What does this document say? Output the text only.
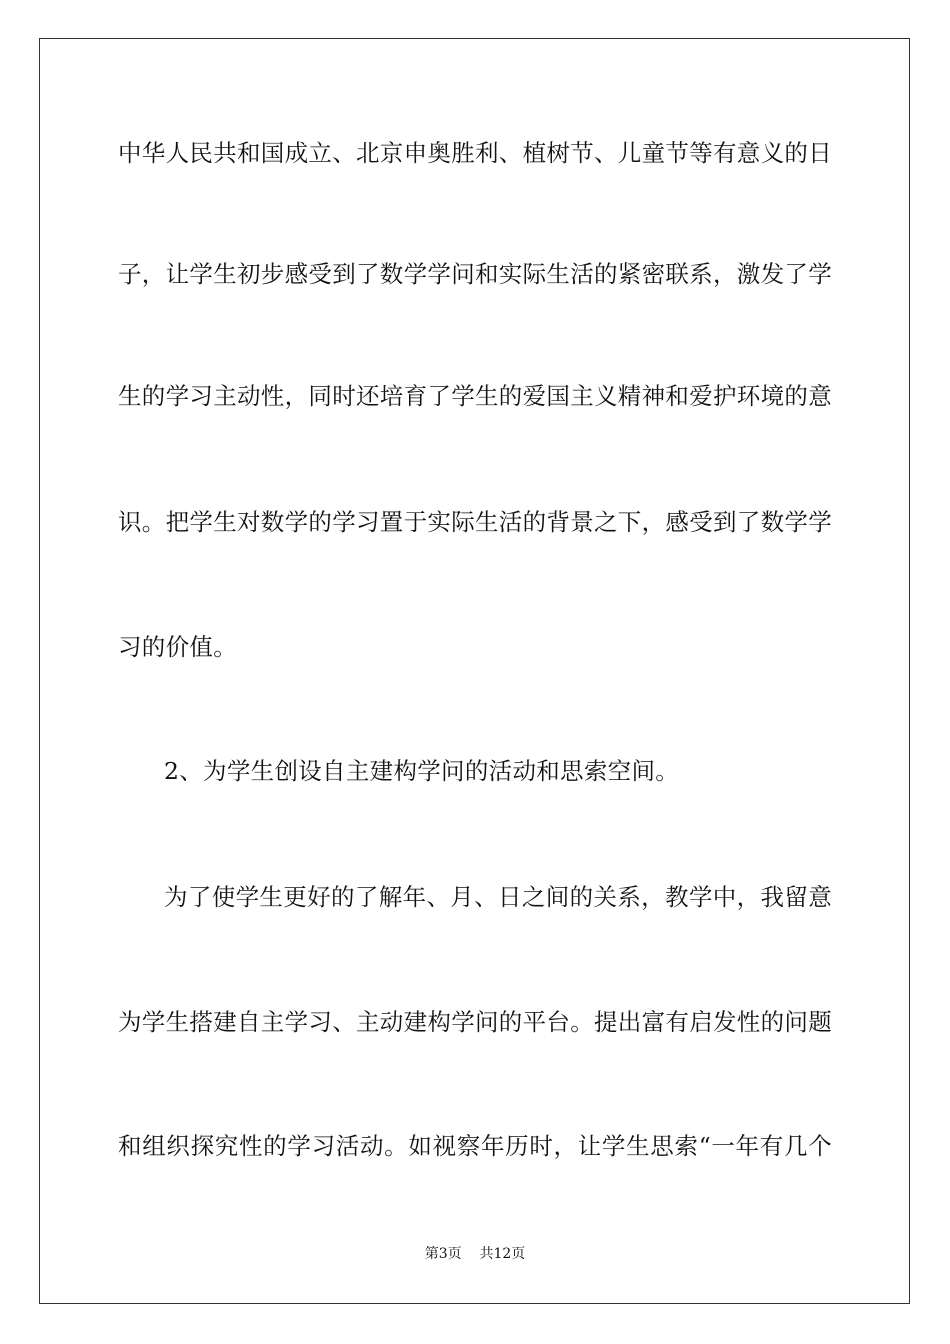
中华人民共和国成立、北京申奥胜利、植树节、儿童节等有意义的日
子，让学生初步感受到了数学学问和实际生活的紧密联系，激发了学
生的学习主动性，同时还培育了学生的爱国主义精神和爱护环境的意
识。把学生对数学的学习置于实际生活的背景之下，感受到了数学学
习的价值。
2、为学生创设自主建构学问的活动和思索空间。
为了使学生更好的了解年、月、日之间的关系，教学中，我留意
为学生搭建自主学习、主动建构学问的平台。提出富有启发性的问题
和组织探究性的学习活动。如视察年历时，让学生思索“一年有几个
第3页 共12页
